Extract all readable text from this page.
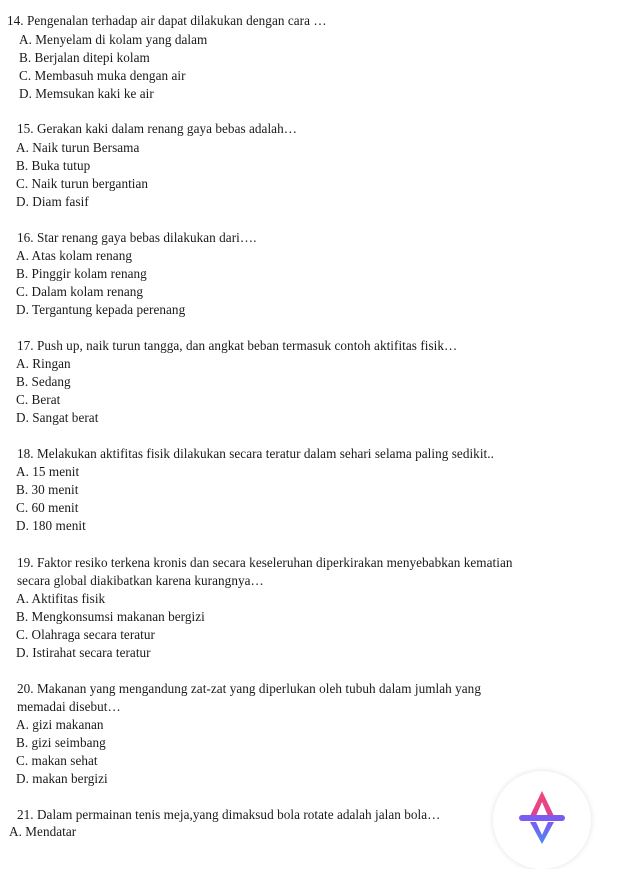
14. Pengenalan terhadap air dapat dilakukan dengan cara …
A. Menyelam di kolam yang dalam
B. Berjalan ditepi kolam
C. Membasuh muka dengan air
D. Memsukan kaki ke air
15. Gerakan kaki dalam renang gaya bebas adalah…
A. Naik turun Bersama
B. Buka tutup
C. Naik turun bergantian
D. Diam fasif
16. Star renang gaya bebas dilakukan dari….
A. Atas kolam renang
B. Pinggir kolam renang
C. Dalam kolam renang
D. Tergantung kepada perenang
17. Push up, naik turun tangga, dan angkat beban termasuk contoh aktifitas fisik…
A. Ringan
B. Sedang
C. Berat
D. Sangat berat
18. Melakukan aktifitas fisik dilakukan secara teratur dalam sehari selama paling sedikit..
A. 15 menit
B. 30 menit
C. 60 menit
D. 180 menit
19. Faktor resiko terkena kronis dan secara keseleruhan diperkirakan menyebabkan kematian
secara global diakibatkan karena kurangnya…
A. Aktifitas fisik
B. Mengkonsumsi makanan bergizi
C. Olahraga secara teratur
D. Istirahat secara teratur
20. Makanan yang mengandung zat-zat yang diperlukan oleh tubuh dalam jumlah yang
memadai disebut…
A. gizi makanan
B. gizi seimbang
C. makan sehat
D. makan bergizi
21. Dalam permainan tenis meja,yang dimaksud bola rotate adalah jalan bola…
A. Mendatar
